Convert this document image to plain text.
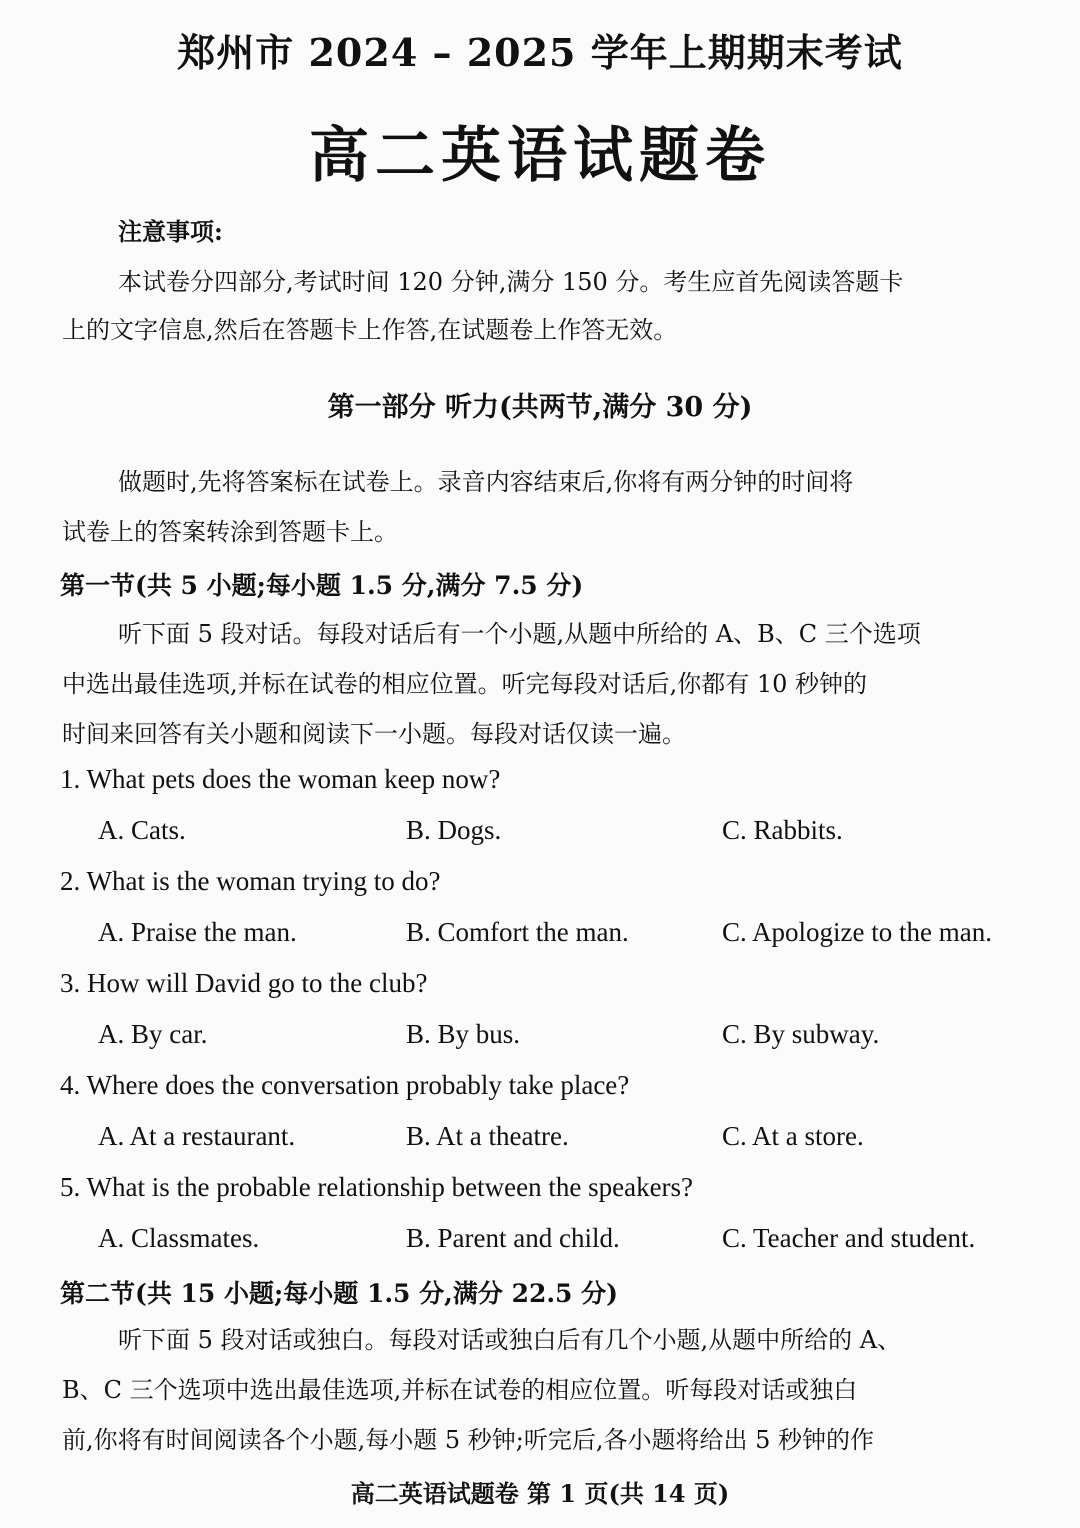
郑州市 2024 – 2025 学年上期期末考试
高二英语试题卷
注意事项:
本试卷分四部分,考试时间 120 分钟,满分 150 分。考生应首先阅读答题卡
上的文字信息,然后在答题卡上作答,在试题卷上作答无效。
第一部分 听力(共两节,满分 30 分)
做题时,先将答案标在试卷上。录音内容结束后,你将有两分钟的时间将
试卷上的答案转涂到答题卡上。
第一节(共 5 小题;每小题 1.5 分,满分 7.5 分)
听下面 5 段对话。每段对话后有一个小题,从题中所给的 A、B、C 三个选项
中选出最佳选项,并标在试卷的相应位置。听完每段对话后,你都有 10 秒钟的
时间来回答有关小题和阅读下一小题。每段对话仅读一遍。
1. What pets does the woman keep now?
A. Cats.	B. Dogs.	C. Rabbits.
2. What is the woman trying to do?
A. Praise the man.	B. Comfort the man.	C. Apologize to the man.
3. How will David go to the club?
A. By car.	B. By bus.	C. By subway.
4. Where does the conversation probably take place?
A. At a restaurant.	B. At a theatre.	C. At a store.
5. What is the probable relationship between the speakers?
A. Classmates.	B. Parent and child.	C. Teacher and student.
第二节(共 15 小题;每小题 1.5 分,满分 22.5 分)
听下面 5 段对话或独白。每段对话或独白后有几个小题,从题中所给的 A、
B、C 三个选项中选出最佳选项,并标在试卷的相应位置。听每段对话或独白
前,你将有时间阅读各个小题,每小题 5 秒钟;听完后,各小题将给出 5 秒钟的作
高二英语试题卷 第 1 页(共 14 页)
